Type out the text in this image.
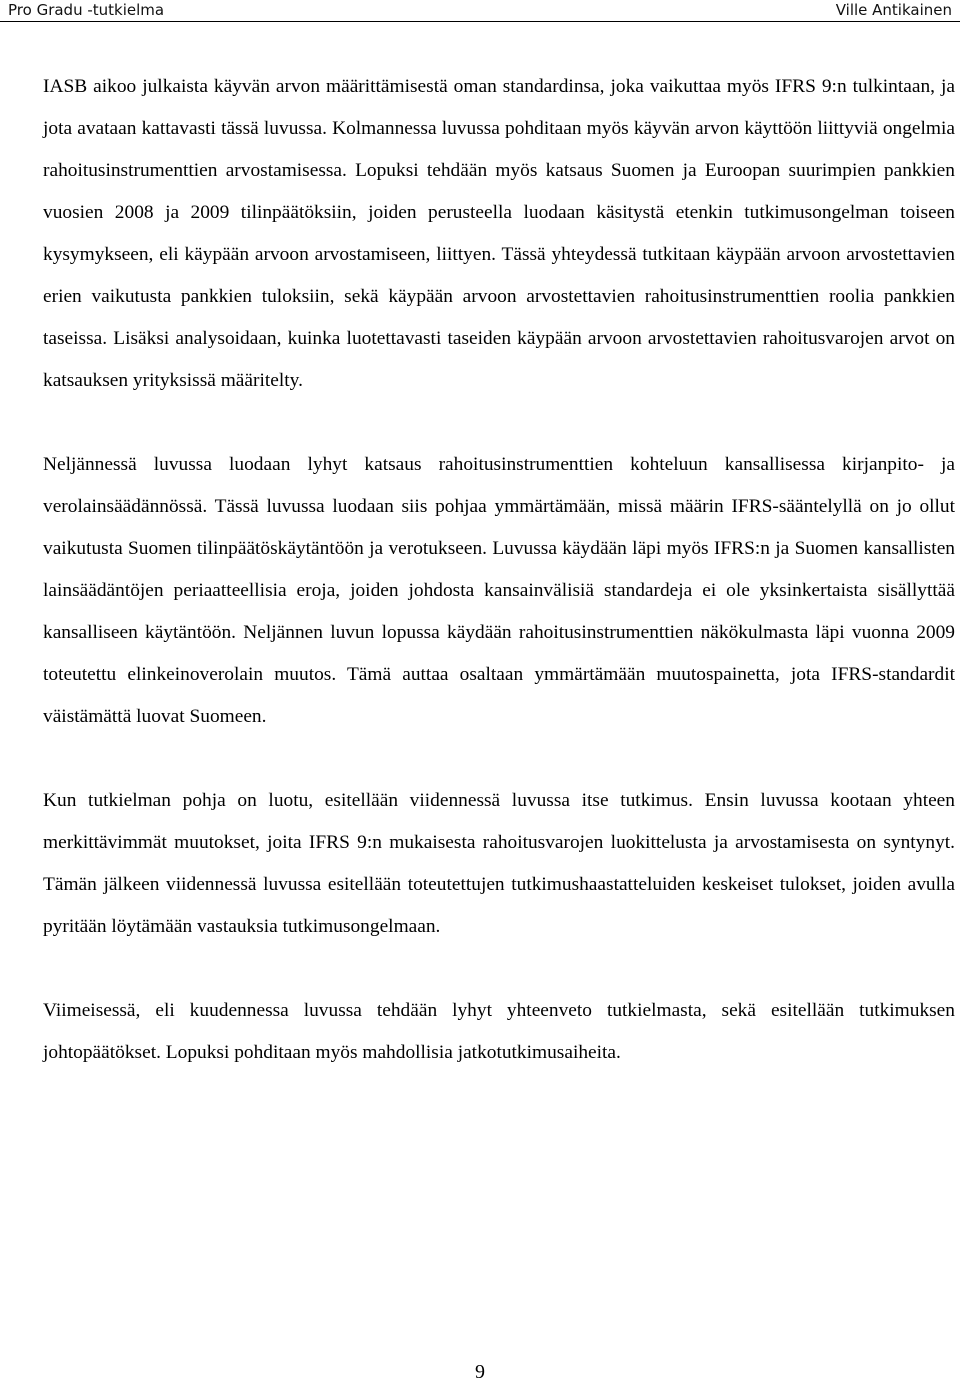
Pro Gradu -tutkielma	Ville Antikainen

IASB aikoo julkaista käyvän arvon määrittämisestä oman standardinsa, joka vaikuttaa myös IFRS 9:n tulkintaan, ja jota avataan kattavasti tässä luvussa. Kolmannessa luvussa pohditaan myös käyvän arvon käyttöön liittyviä ongelmia rahoitusinstrumenttien arvostamisessa. Lopuksi tehdään myös katsaus Suomen ja Euroopan suurimpien pankkien vuosien 2008 ja 2009 tilinpäätöksiin, joiden perusteella luodaan käsitystä etenkin tutkimusongelman toiseen kysymykseen, eli käypään arvoon arvostamiseen, liittyen. Tässä yhteydessä tutkitaan käypään arvoon arvostettavien erien vaikutusta pankkien tuloksiin, sekä käypään arvoon arvostettavien rahoitusinstrumenttien roolia pankkien taseissa. Lisäksi analysoidaan, kuinka luotettavasti taseiden käypään arvoon arvostettavien rahoitusvarojen arvot on katsauksen yrityksissä määritelty.

Neljännessä luvussa luodaan lyhyt katsaus rahoitusinstrumenttien kohteluun kansallisessa kirjanpito- ja verolainsäädännössä. Tässä luvussa luodaan siis pohjaa ymmärtämään, missä määrin IFRS-sääntelyllä on jo ollut vaikutusta Suomen tilinpäätöskäytäntöön ja verotukseen. Luvussa käydään läpi myös IFRS:n ja Suomen kansallisten lainsäädäntöjen periaatteellisia eroja, joiden johdosta kansainvälisiä standardeja ei ole yksinkertaista sisällyttää kansalliseen käytäntöön. Neljännen luvun lopussa käydään rahoitusinstrumenttien näkökulmasta läpi vuonna 2009 toteutettu elinkeinoverolain muutos. Tämä auttaa osaltaan ymmärtämään muutospainetta, jota IFRS-standardit väistämättä luovat Suomeen.

Kun tutkielman pohja on luotu, esitellään viidennessä luvussa itse tutkimus. Ensin luvussa kootaan yhteen merkittävimmät muutokset, joita IFRS 9:n mukaisesta rahoitusvarojen luokittelusta ja arvostamisesta on syntynyt. Tämän jälkeen viidennessä luvussa esitellään toteutettujen tutkimushaastatteluiden keskeiset tulokset, joiden avulla pyritään löytämään vastauksia tutkimusongelmaan.

Viimeisessä, eli kuudennessa luvussa tehdään lyhyt yhteenveto tutkielmasta, sekä esitellään tutkimuksen johtopäätökset. Lopuksi pohditaan myös mahdollisia jatkotutkimusaiheita.

9
